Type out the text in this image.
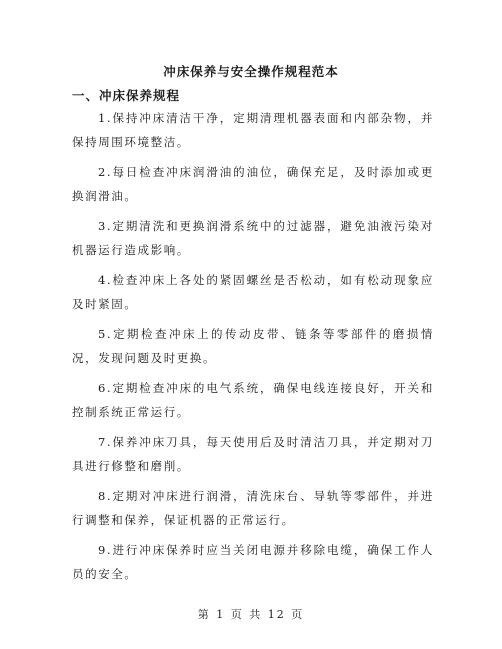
冲床保养与安全操作规程范本
一、冲床保养规程

1.保持冲床清洁干净，定期清理机器表面和内部杂物，并保持周围环境整洁。

2.每日检查冲床润滑油的油位，确保充足，及时添加或更换润滑油。

3.定期清洗和更换润滑系统中的过滤器，避免油液污染对机器运行造成影响。

4.检查冲床上各处的紧固螺丝是否松动，如有松动现象应及时紧固。

5.定期检查冲床上的传动皮带、链条等零部件的磨损情况，发现问题及时更换。

6.定期检查冲床的电气系统，确保电线连接良好，开关和控制系统正常运行。

7.保养冲床刀具，每天使用后及时清洁刀具，并定期对刀具进行修整和磨削。

8.定期对冲床进行润滑，清洗床台、导轨等零部件，并进行调整和保养，保证机器的正常运行。

9.进行冲床保养时应当关闭电源并移除电缆，确保工作人员的安全。

第 1 页 共 12 页
